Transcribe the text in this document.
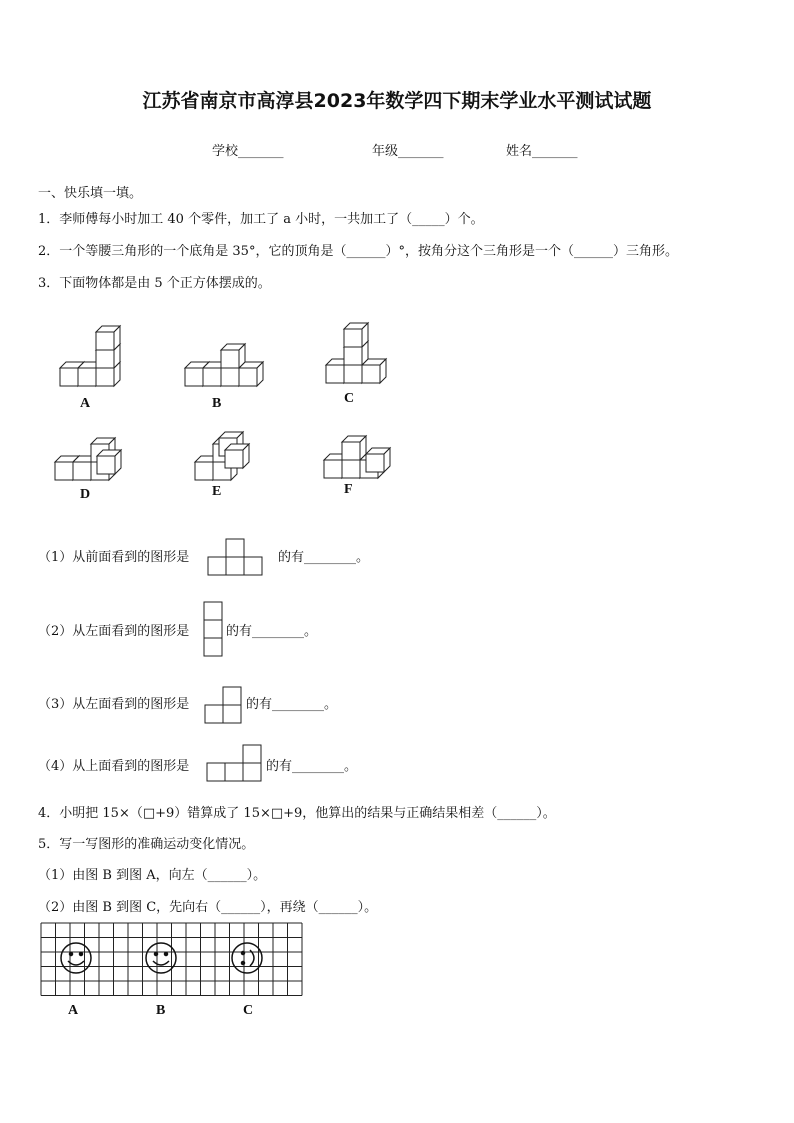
江苏省南京市高淳县2023年数学四下期末学业水平测试试题
学校_______	年级_______	姓名_______
一、快乐填一填。
1．李师傅每小时加工 40 个零件，加工了 a 小时，一共加工了（_____）个。
2．一个等腰三角形的一个底角是 35°，它的顶角是（______）°，按角分这个三角形是一个（______）三角形。
3．下面物体都是由 5 个正方体摆成的。
A	B	C
D	E	F
（1）从前面看到的图形是	的有________。
（2）从左面看到的图形是	的有________。
（3）从左面看到的图形是	的有________。
（4）从上面看到的图形是	的有________。
4．小明把 15×（□+9）错算成了 15×□+9，他算出的结果与正确结果相差（______）。
5．写一写图形的准确运动变化情况。
（1）由图 B 到图 A，向左（______）。
（2）由图 B 到图 C，先向右（______），再绕（______）。
A	B	C
